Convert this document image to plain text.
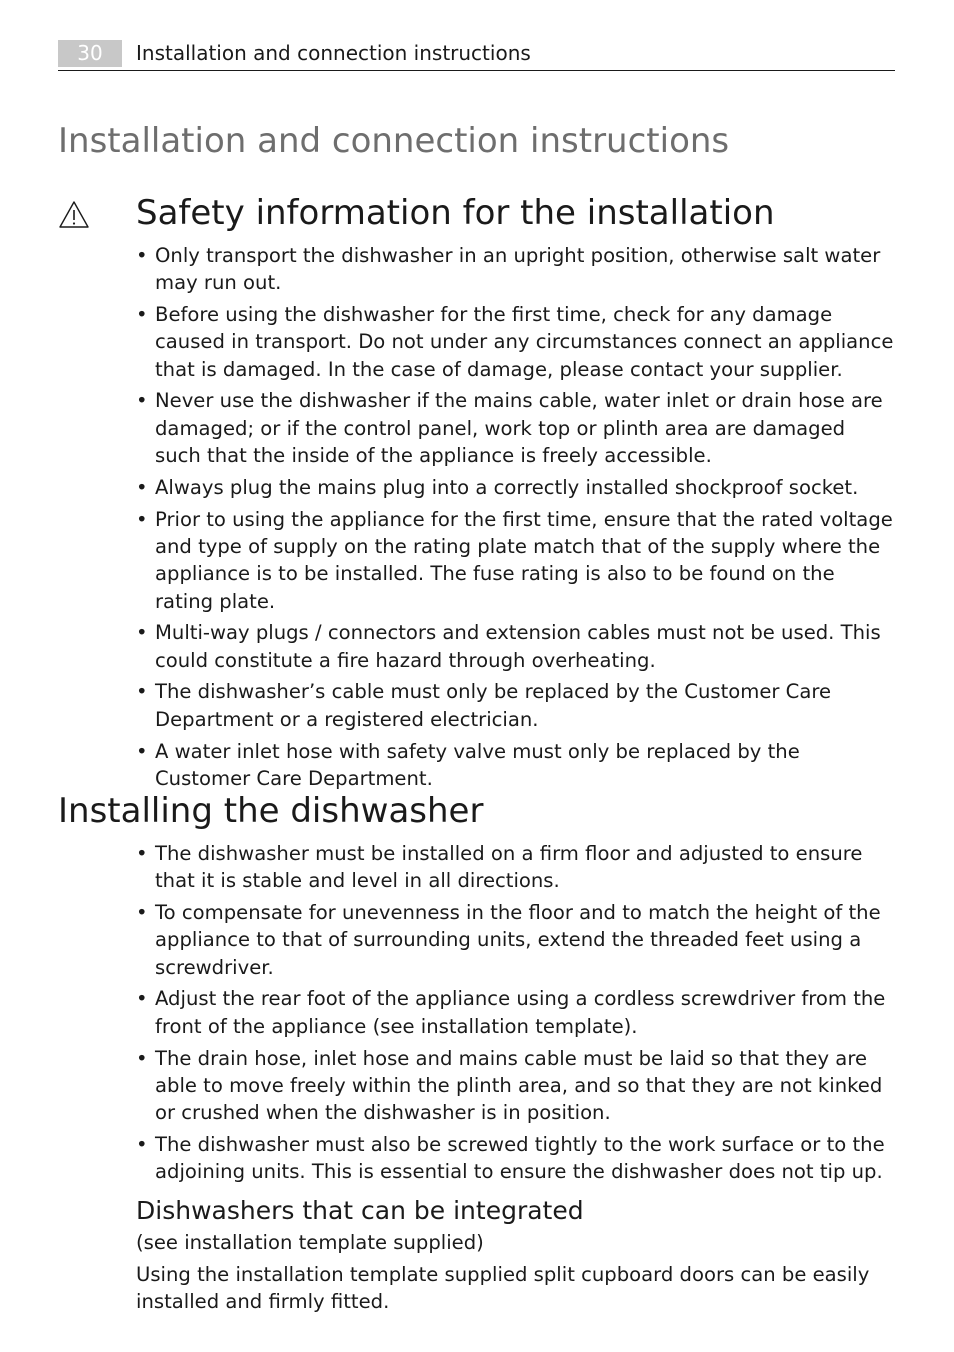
30	Installation and connection instructions
Installation and connection instructions
Safety information for the installation
• Only transport the dishwasher in an upright position, otherwise salt water may run out.
• Before using the dishwasher for the first time, check for any damage caused in transport. Do not under any circumstances connect an appliance that is damaged. In the case of damage, please contact your supplier.
• Never use the dishwasher if the mains cable, water inlet or drain hose are damaged; or if the control panel, work top or plinth area are damaged such that the inside of the appliance is freely accessible.
• Always plug the mains plug into a correctly installed shockproof socket.
• Prior to using the appliance for the first time, ensure that the rated voltage and type of supply on the rating plate match that of the supply where the appliance is to be installed. The fuse rating is also to be found on the rating plate.
• Multi-way plugs / connectors and extension cables must not be used. This could constitute a fire hazard through overheating.
• The dishwasher’s cable must only be replaced by the Customer Care Department or a registered electrician.
• A water inlet hose with safety valve must only be replaced by the Customer Care Department.
Installing the dishwasher
• The dishwasher must be installed on a firm floor and adjusted to ensure that it is stable and level in all directions.
• To compensate for unevenness in the floor and to match the height of the appliance to that of surrounding units, extend the threaded feet using a screwdriver.
• Adjust the rear foot of the appliance using a cordless screwdriver from the front of the appliance (see installation template).
• The drain hose, inlet hose and mains cable must be laid so that they are able to move freely within the plinth area, and so that they are not kinked or crushed when the dishwasher is in position.
• The dishwasher must also be screwed tightly to the work surface or to the adjoining units. This is essential to ensure the dishwasher does not tip up.
Dishwashers that can be integrated
(see installation template supplied)
Using the installation template supplied split cupboard doors can be easily installed and firmly fitted.
